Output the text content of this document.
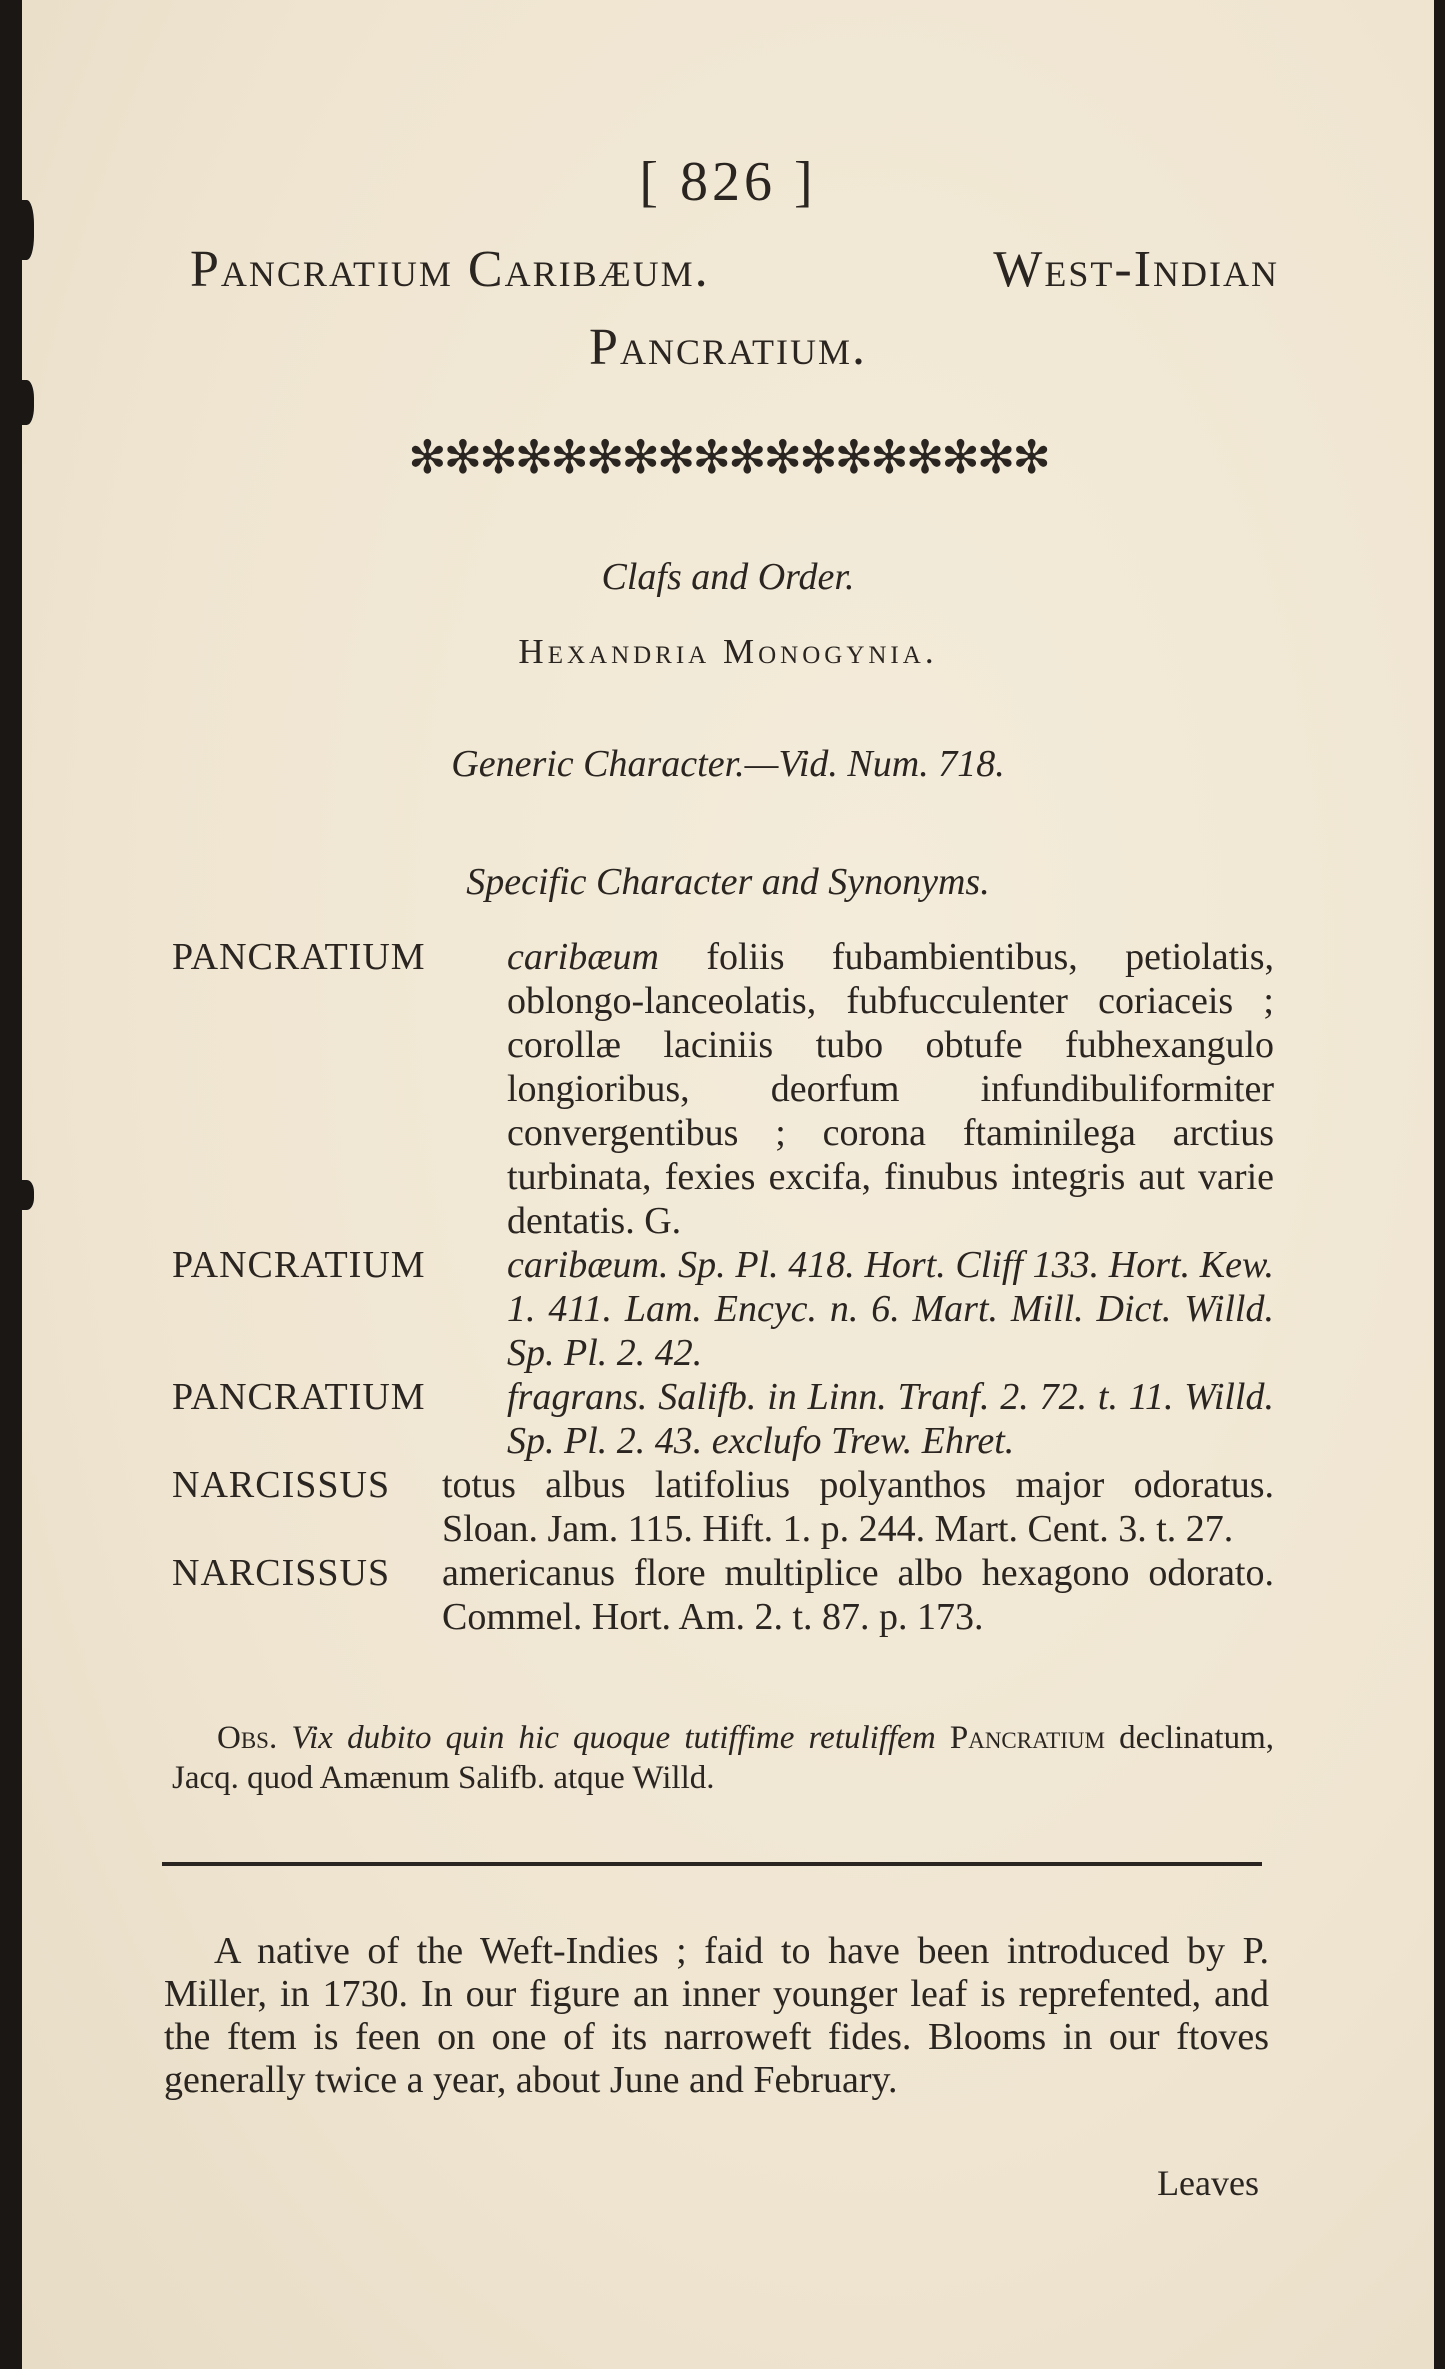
[ 826 ]
Pancratium Caribæum.	West-Indian
Pancratium.
✻✻✻✻✻✻✻✻✻✻✻✻✻✻✻✻✻✻
Clafs and Order.
Hexandria Monogynia.
Generic Character.—Vid. Num. 718.
Specific Character and Synonyms.
PANCRATIUM	caribæum foliis fubambientibus, petiolatis, oblongo-lanceolatis, fubfucculenter coriaceis ; corollæ laciniis tubo obtufe fubhexangulo longioribus, deorfum infundibuliformiter convergentibus ; corona ftaminilega arctius turbinata, fexies excifa, finubus integris aut varie dentatis. G.
PANCRATIUM	caribæum. Sp. Pl. 418. Hort. Cliff 133. Hort. Kew. 1. 411. Lam. Encyc. n. 6. Mart. Mill. Dict. Willd. Sp. Pl. 2. 42.
PANCRATIUM	fragrans. Salifb. in Linn. Tranf. 2. 72. t. 11. Willd. Sp. Pl. 2. 43. exclufo Trew. Ehret.
NARCISSUS	totus albus latifolius polyanthos major odoratus. Sloan. Jam. 115. Hift. 1. p. 244. Mart. Cent. 3. t. 27.
NARCISSUS	americanus flore multiplice albo hexagono odorato. Commel. Hort. Am. 2. t. 87. p. 173.
Obs. Vix dubito quin hic quoque tutiffime retuliffem Pancratium declinatum, Jacq. quod Amænum Salifb. atque Willd.
A native of the Weft-Indies ; faid to have been introduced by P. Miller, in 1730. In our figure an inner younger leaf is reprefented, and the ftem is feen on one of its narroweft fides. Blooms in our ftoves generally twice a year, about June and February.
Leaves
